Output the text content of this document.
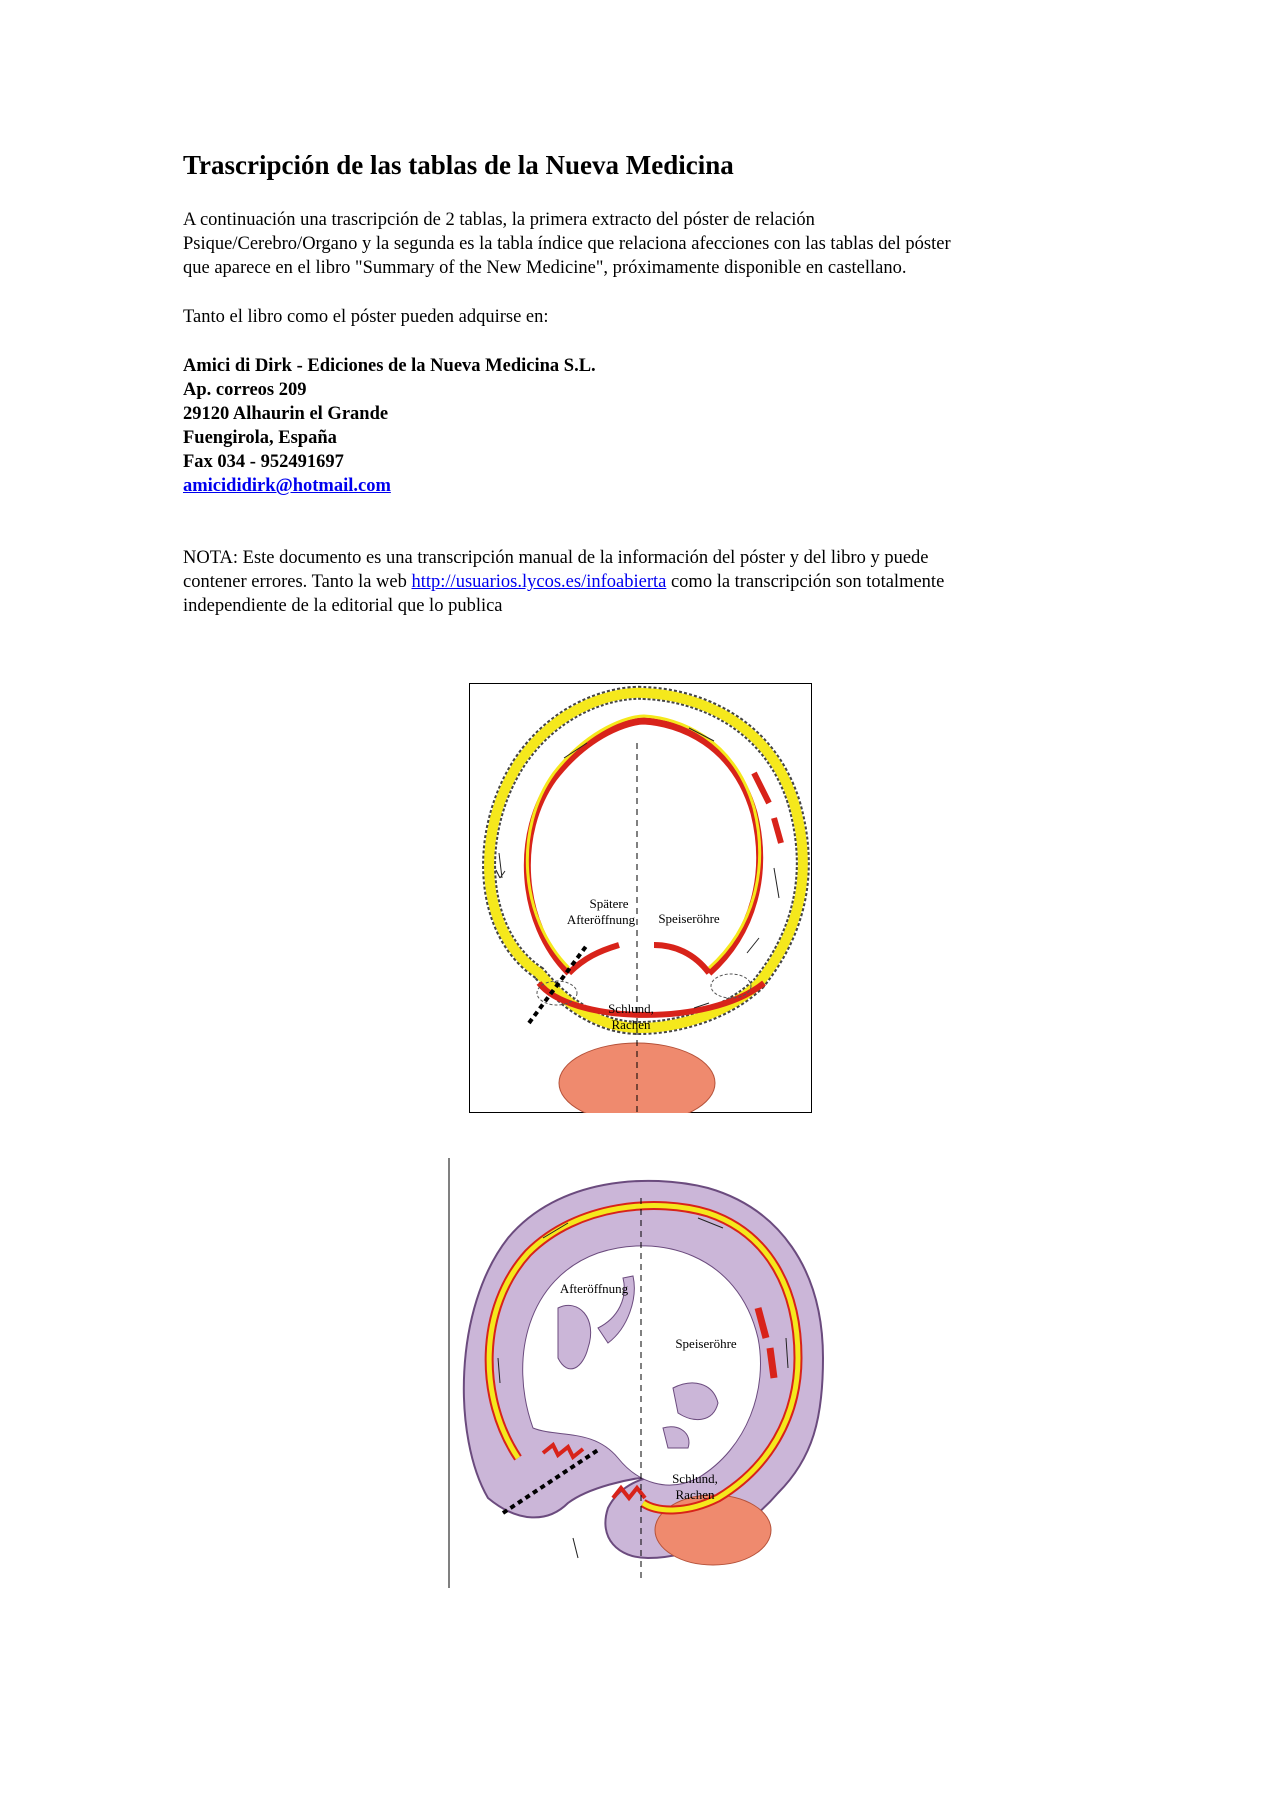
Trascripción de las tablas de la Nueva Medicina
A continuación una trascripción de 2 tablas, la primera extracto del póster de relación
Psique/Cerebro/Organo y la segunda es la tabla índice que relaciona afecciones con las tablas del póster
que aparece en el libro "Summary of the New Medicine", próximamente disponible en castellano.
Tanto el libro como el póster pueden adquirse en:
Amici di Dirk - Ediciones de la Nueva Medicina S.L.
Ap. correos 209
29120 Alhaurin el Grande
Fuengirola, España
Fax 034 - 952491697
amicididirk@hotmail.com
NOTA: Este documento es una transcripción manual de la información del póster y del libro y puede
contener errores. Tanto la web http://usuarios.lycos.es/infoabierta como la transcripción son totalmente
independiente de la editorial que lo publica
Spätere
Afteröffnung Speiseröhre
Schlund,
Rachen
Afteröffnung
Speiseröhre
Schlund,
Rachen
